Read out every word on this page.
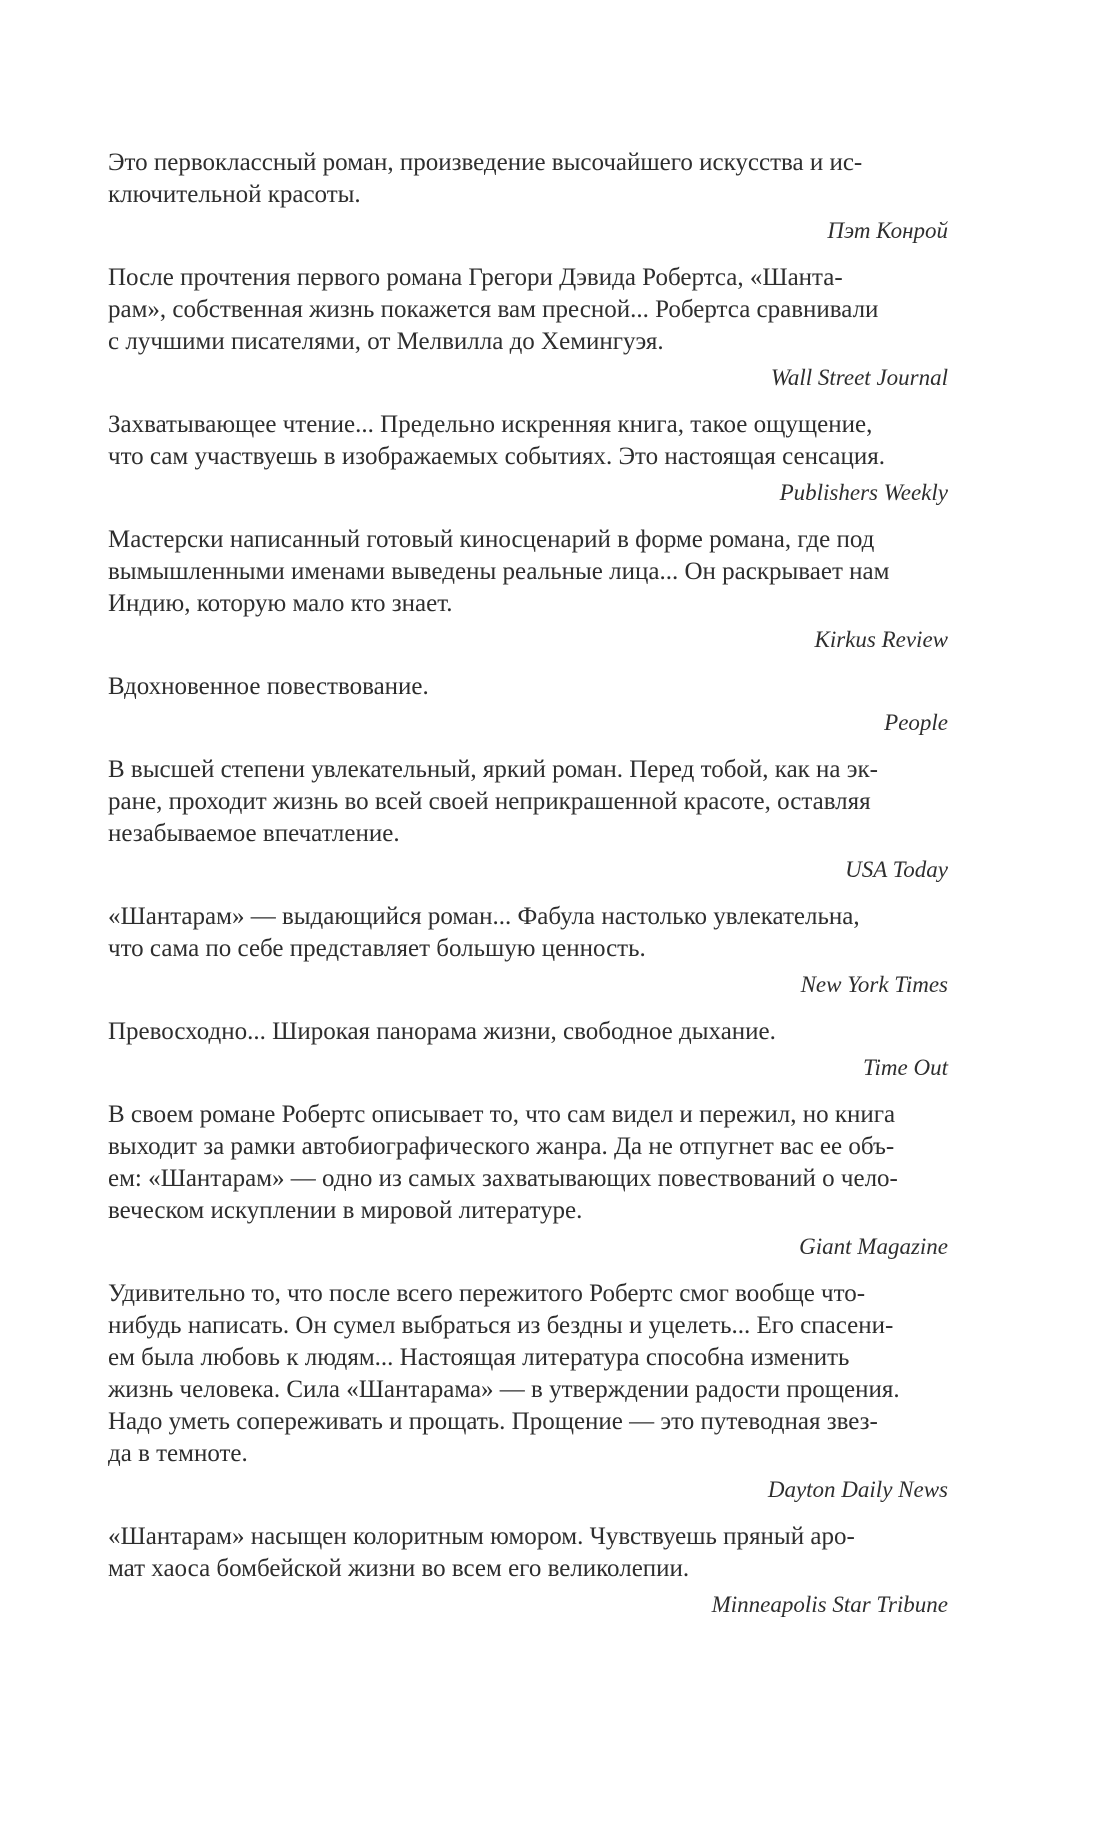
Это первоклассный роман, произведение высочайшего искусства и ис-
ключительной красоты.
Пэт Конрой
После прочтения первого романа Грегори Дэвида Робертса, «Шанта-
рам», собственная жизнь покажется вам пресной... Робертса сравнивали
с лучшими писателями, от Мелвилла до Хемингуэя.
Wall Street Journal
Захватывающее чтение... Предельно искренняя книга, такое ощущение,
что сам участвуешь в изображаемых событиях. Это настоящая сенсация.
Publishers Weekly
Мастерски написанный готовый киносценарий в форме романа, где под
вымышленными именами выведены реальные лица... Он раскрывает нам
Индию, которую мало кто знает.
Kirkus Review
Вдохновенное повествование.
People
В высшей степени увлекательный, яркий роман. Перед тобой, как на эк-
ране, проходит жизнь во всей своей неприкрашенной красоте, оставляя
незабываемое впечатление.
USA Today
«Шантарам» — выдающийся роман... Фабула настолько увлекательна,
что сама по себе представляет большую ценность.
New York Times
Превосходно... Широкая панорама жизни, свободное дыхание.
Time Out
В своем романе Робертс описывает то, что сам видел и пережил, но книга
выходит за рамки автобиографического жанра. Да не отпугнет вас ее объ-
ем: «Шантарам» — одно из самых захватывающих повествований о чело-
веческом искуплении в мировой литературе.
Giant Magazine
Удивительно то, что после всего пережитого Робертс смог вообще что-
нибудь написать. Он сумел выбраться из бездны и уцелеть... Его спасени-
ем была любовь к людям... Настоящая литература способна изменить
жизнь человека. Сила «Шантарама» — в утверждении радости прощения.
Надо уметь сопереживать и прощать. Прощение — это путеводная звез-
да в темноте.
Dayton Daily News
«Шантарам» насыщен колоритным юмором. Чувствуешь пряный аро-
мат хаоса бомбейской жизни во всем его великолепии.
Minneapolis Star Tribune
